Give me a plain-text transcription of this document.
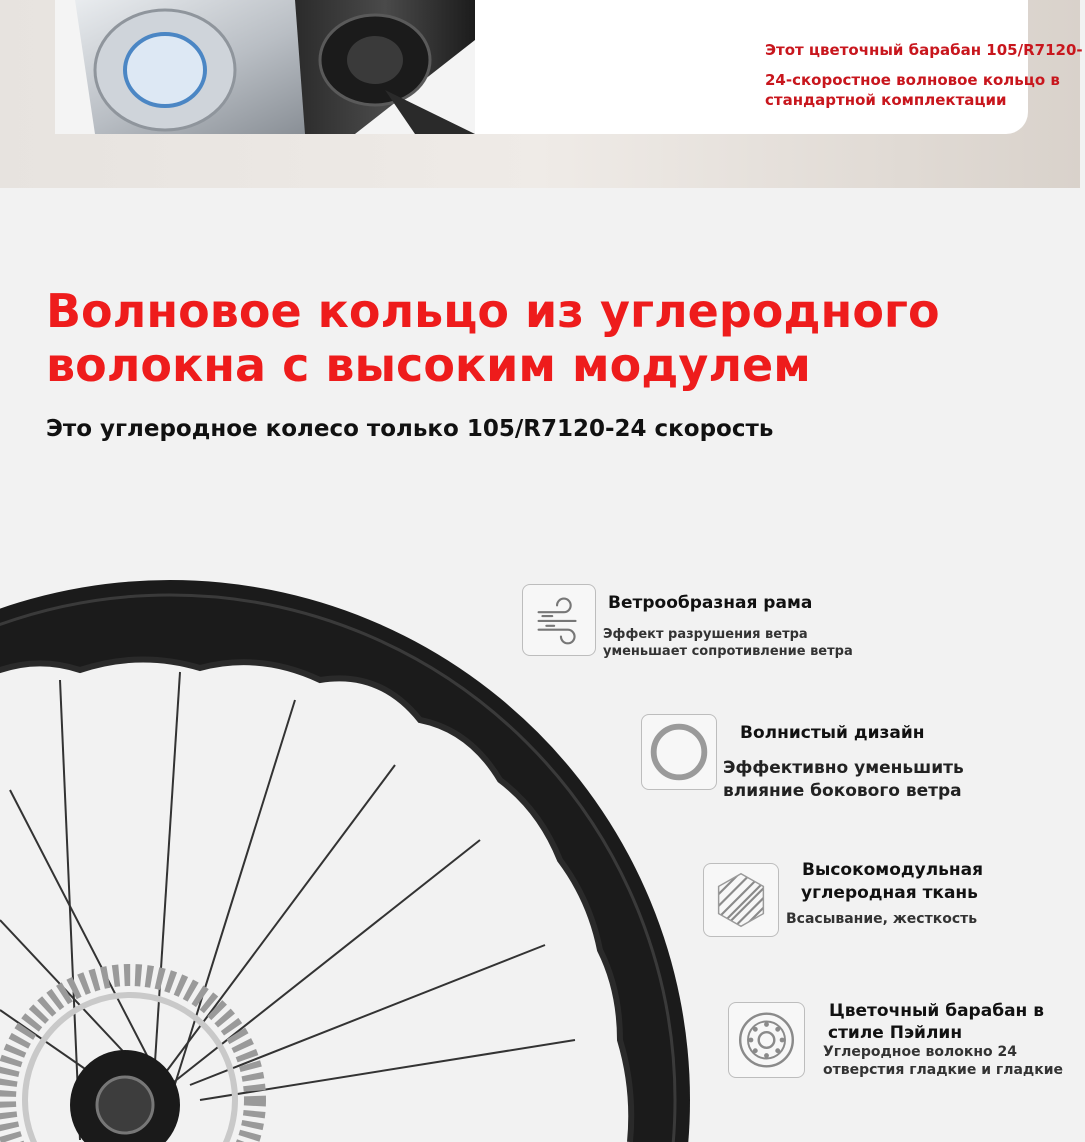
Этот цветочный барабан 105/R7120-

24-скоростное волновое кольцо в

стандартной комплектации

Волновое кольцо из углеродного
волокна с высоким модулем
Это углеродное колесо только 105/R7120-24 скорость
Ветрообразная рама
Эффект разрушения ветра
уменьшает сопротивление ветра
Волнистый дизайн
Эффективно уменьшить
влияние бокового ветра
Высокомодульная
углеродная ткань
Всасывание, жесткость
Цветочный барабан в
стиле Пэйлин
Углеродное волокно 24
отверстия гладкие и гладкие
